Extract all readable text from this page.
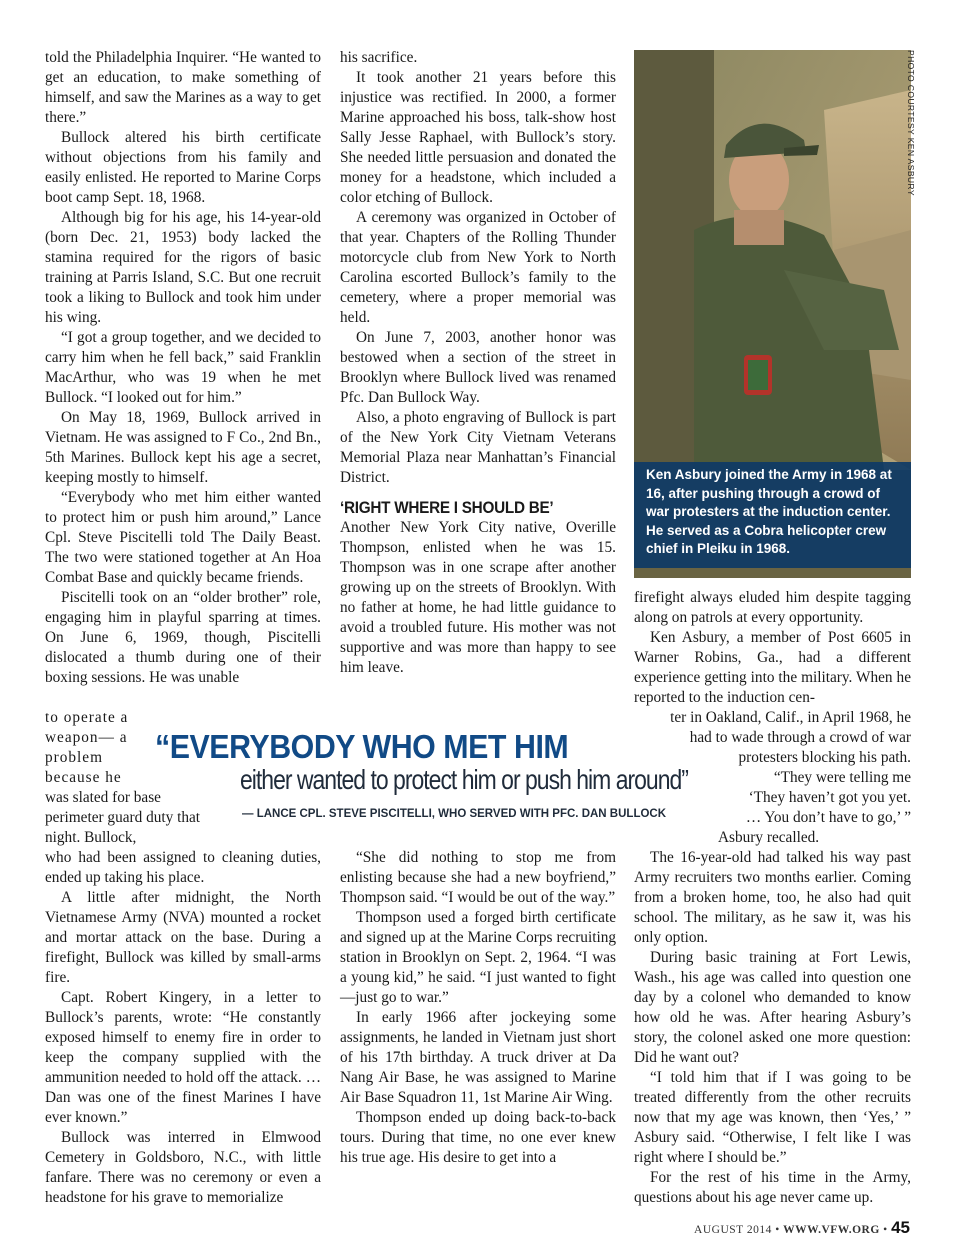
told the Philadelphia Inquirer. “He wanted to get an education, to make something of himself, and saw the Marines as a way to get there.”

Bullock altered his birth certificate without objections from his family and easily enlisted. He reported to Marine Corps boot camp Sept. 18, 1968.

Although big for his age, his 14-year-old (born Dec. 21, 1953) body lacked the stamina required for the rigors of basic training at Parris Island, S.C. But one recruit took a liking to Bullock and took him under his wing.

“I got a group together, and we decided to carry him when he fell back,” said Franklin MacArthur, who was 19 when he met Bullock. “I looked out for him.”

On May 18, 1969, Bullock arrived in Vietnam. He was assigned to F Co., 2nd Bn., 5th Marines. Bullock kept his age a secret, keeping mostly to himself.

“Everybody who met him either wanted to protect him or push him around,” Lance Cpl. Steve Piscitelli told The Daily Beast. The two were stationed together at An Hoa Combat Base and quickly became friends.

Piscitelli took on an “older brother” role, engaging him in playful sparring at times. On June 6, 1969, though, Piscitelli dislocated a thumb during one of their boxing sessions. He was unable

to operate a weapon— a problem because he

was slated for base perimeter guard duty that night. Bullock,

who had been assigned to cleaning duties, ended up taking his place.

A little after midnight, the North Vietnamese Army (NVA) mounted a rocket and mortar attack on the base. During a firefight, Bullock was killed by small-arms fire.

Capt. Robert Kingery, in a letter to Bullock’s parents, wrote: “He constantly exposed himself to enemy fire in order to keep the company supplied with the ammunition needed to hold off the attack. … Dan was one of the finest Marines I have ever known.”

Bullock was interred in Elmwood Cemetery in Goldsboro, N.C., with little fanfare. There was no ceremony or even a headstone for his grave to memorialize

his sacrifice.

It took another 21 years before this injustice was rectified. In 2000, a former Marine approached his boss, talk-show host Sally Jesse Raphael, with Bullock’s story. She needed little persuasion and donated the money for a headstone, which included a color etching of Bullock.

A ceremony was organized in October of that year. Chapters of the Rolling Thunder motorcycle club from New York to North Carolina escorted Bullock’s family to the cemetery, where a proper memorial was held.

On June 7, 2003, another honor was bestowed when a section of the street in Brooklyn where Bullock lived was renamed Pfc. Dan Bullock Way.

Also, a photo engraving of Bullock is part of the New York City Vietnam Veterans Memorial Plaza near Manhattan’s Financial District.

‘RIGHT WHERE I SHOULD BE’

Another New York City native, Overille Thompson, enlisted when he was 15. Thompson was in one scrape after another growing up on the streets of Brooklyn. With no father at home, he had little guidance to avoid a troubled future. His mother was not supportive and was more than happy to see him leave.

“She did nothing to stop me from enlisting because she had a new boyfriend,” Thompson said. “I would be out of the way.”

Thompson used a forged birth certificate and signed up at the Marine Corps recruiting station in Brooklyn on Sept. 2, 1964. “I was a young kid,” he said. “I just wanted to fight—just go to war.”

In early 1966 after jockeying some assignments, he landed in Vietnam just short of his 17th birthday. A truck driver at Da Nang Air Base, he was assigned to Marine Air Base Squadron 11, 1st Marine Air Wing.

Thompson ended up doing back-to-back tours. During that time, no one ever knew his true age. His desire to get into a

Ken Asbury joined the Army in 1968 at 16, after pushing through a crowd of war protesters at the induction center. He served as a Cobra helicopter crew chief in Pleiku in 1968.
PHOTO COURTESY KEN ASBURY

firefight always eluded him despite tagging along on patrols at every opportunity.

Ken Asbury, a member of Post 6605 in Warner Robins, Ga., had a different experience getting into the military. When he reported to the induction cen-

ter in Oakland, Calif., in April 1968, he

had to wade through a crowd of war

protesters blocking his path.

“They were telling me

‘They haven’t got you yet.

… You don’t have to go,’ ”

Asbury recalled.

The 16-year-old had talked his way past Army recruiters two months earlier. Coming from a broken home, too, he also had quit school. The military, as he saw it, was his only option.

During basic training at Fort Lewis, Wash., his age was called into question one day by a colonel who demanded to know how old he was. After hearing Asbury’s story, the colonel asked one more question: Did he want out?

“I told him that if I was going to be treated differently from the other recruits now that my age was known, then ‘Yes,’ ” Asbury said. “Otherwise, I felt like I was right where I should be.”

For the rest of his time in the Army, questions about his age never came up.

“EVERYBODY WHO MET HIM
either wanted to protect him or push him around”
— LANCE CPL. STEVE PISCITELLI, WHO SERVED WITH PFC. DAN BULLOCK
AUGUST 2014 • WWW.VFW.ORG • 45
